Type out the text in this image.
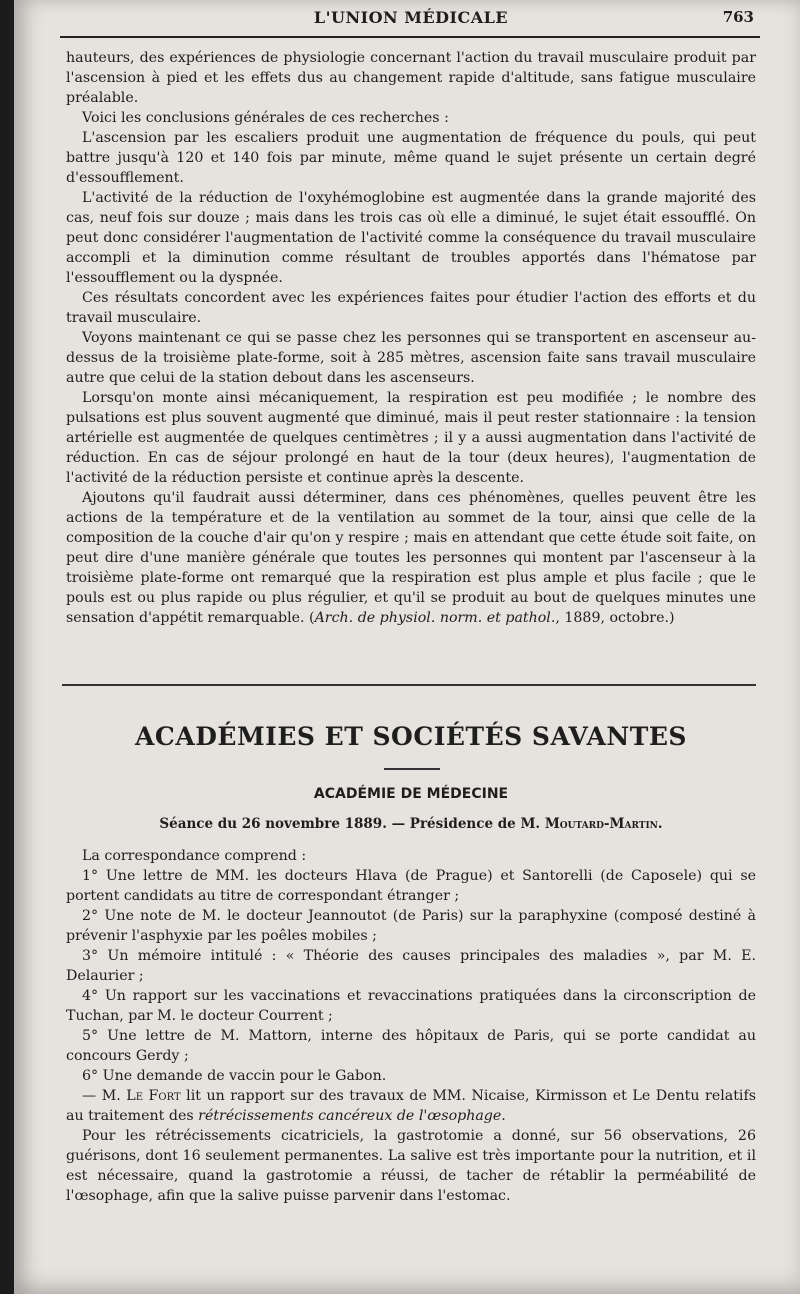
L'UNION MÉDICALE	763

hauteurs, des expériences de physiologie concernant l'action du travail musculaire produit par l'ascension à pied et les effets dus au changement rapide d'altitude, sans fatigue musculaire préalable.

Voici les conclusions générales de ces recherches :

L'ascension par les escaliers produit une augmentation de fréquence du pouls, qui peut battre jusqu'à 120 et 140 fois par minute, même quand le sujet présente un certain degré d'essoufflement.

L'activité de la réduction de l'oxyhémoglobine est augmentée dans la grande majorité des cas, neuf fois sur douze ; mais dans les trois cas où elle a diminué, le sujet était essoufflé. On peut donc considérer l'augmentation de l'activité comme la conséquence du travail musculaire accompli et la diminution comme résultant de troubles apportés dans l'hématose par l'essoufflement ou la dyspnée.

Ces résultats concordent avec les expériences faites pour étudier l'action des efforts et du travail musculaire.

Voyons maintenant ce qui se passe chez les personnes qui se transportent en ascenseur au-dessus de la troisième plate-forme, soit à 285 mètres, ascension faite sans travail musculaire autre que celui de la station debout dans les ascenseurs.

Lorsqu'on monte ainsi mécaniquement, la respiration est peu modifiée ; le nombre des pulsations est plus souvent augmenté que diminué, mais il peut rester stationnaire : la tension artérielle est augmentée de quelques centimètres ; il y a aussi augmentation dans l'activité de réduction. En cas de séjour prolongé en haut de la tour (deux heures), l'augmentation de l'activité de la réduction persiste et continue après la descente.

Ajoutons qu'il faudrait aussi déterminer, dans ces phénomènes, quelles peuvent être les actions de la température et de la ventilation au sommet de la tour, ainsi que celle de la composition de la couche d'air qu'on y respire ; mais en attendant que cette étude soit faite, on peut dire d'une manière générale que toutes les personnes qui montent par l'ascenseur à la troisième plate-forme ont remarqué que la respiration est plus ample et plus facile ; que le pouls est ou plus rapide ou plus régulier, et qu'il se produit au bout de quelques minutes une sensation d'appétit remarquable. (Arch. de physiol. norm. et pathol., 1889, octobre.)

ACADÉMIES ET SOCIÉTÉS SAVANTES
ACADÉMIE DE MÉDECINE
Séance du 26 novembre 1889. — Présidence de M. Moutard-Martin.

La correspondance comprend :

1° Une lettre de MM. les docteurs Hlava (de Prague) et Santorelli (de Caposele) qui se portent candidats au titre de correspondant étranger ;

2° Une note de M. le docteur Jeannoutot (de Paris) sur la paraphyxine (composé destiné à prévenir l'asphyxie par les poêles mobiles ;

3° Un mémoire intitulé : « Théorie des causes principales des maladies », par M. E. Delaurier ;

4° Un rapport sur les vaccinations et revaccinations pratiquées dans la circonscription de Tuchan, par M. le docteur Courrent ;

5° Une lettre de M. Mattorn, interne des hôpitaux de Paris, qui se porte candidat au concours Gerdy ;

6° Une demande de vaccin pour le Gabon.

— M. Le Fort lit un rapport sur des travaux de MM. Nicaise, Kirmisson et Le Dentu relatifs au traitement des rétrécissements cancéreux de l'œsophage.

Pour les rétrécissements cicatriciels, la gastrotomie a donné, sur 56 observations, 26 guérisons, dont 16 seulement permanentes. La salive est très importante pour la nutrition, et il est nécessaire, quand la gastrotomie a réussi, de tacher de rétablir la perméabilité de l'œsophage, afin que la salive puisse parvenir dans l'estomac.
